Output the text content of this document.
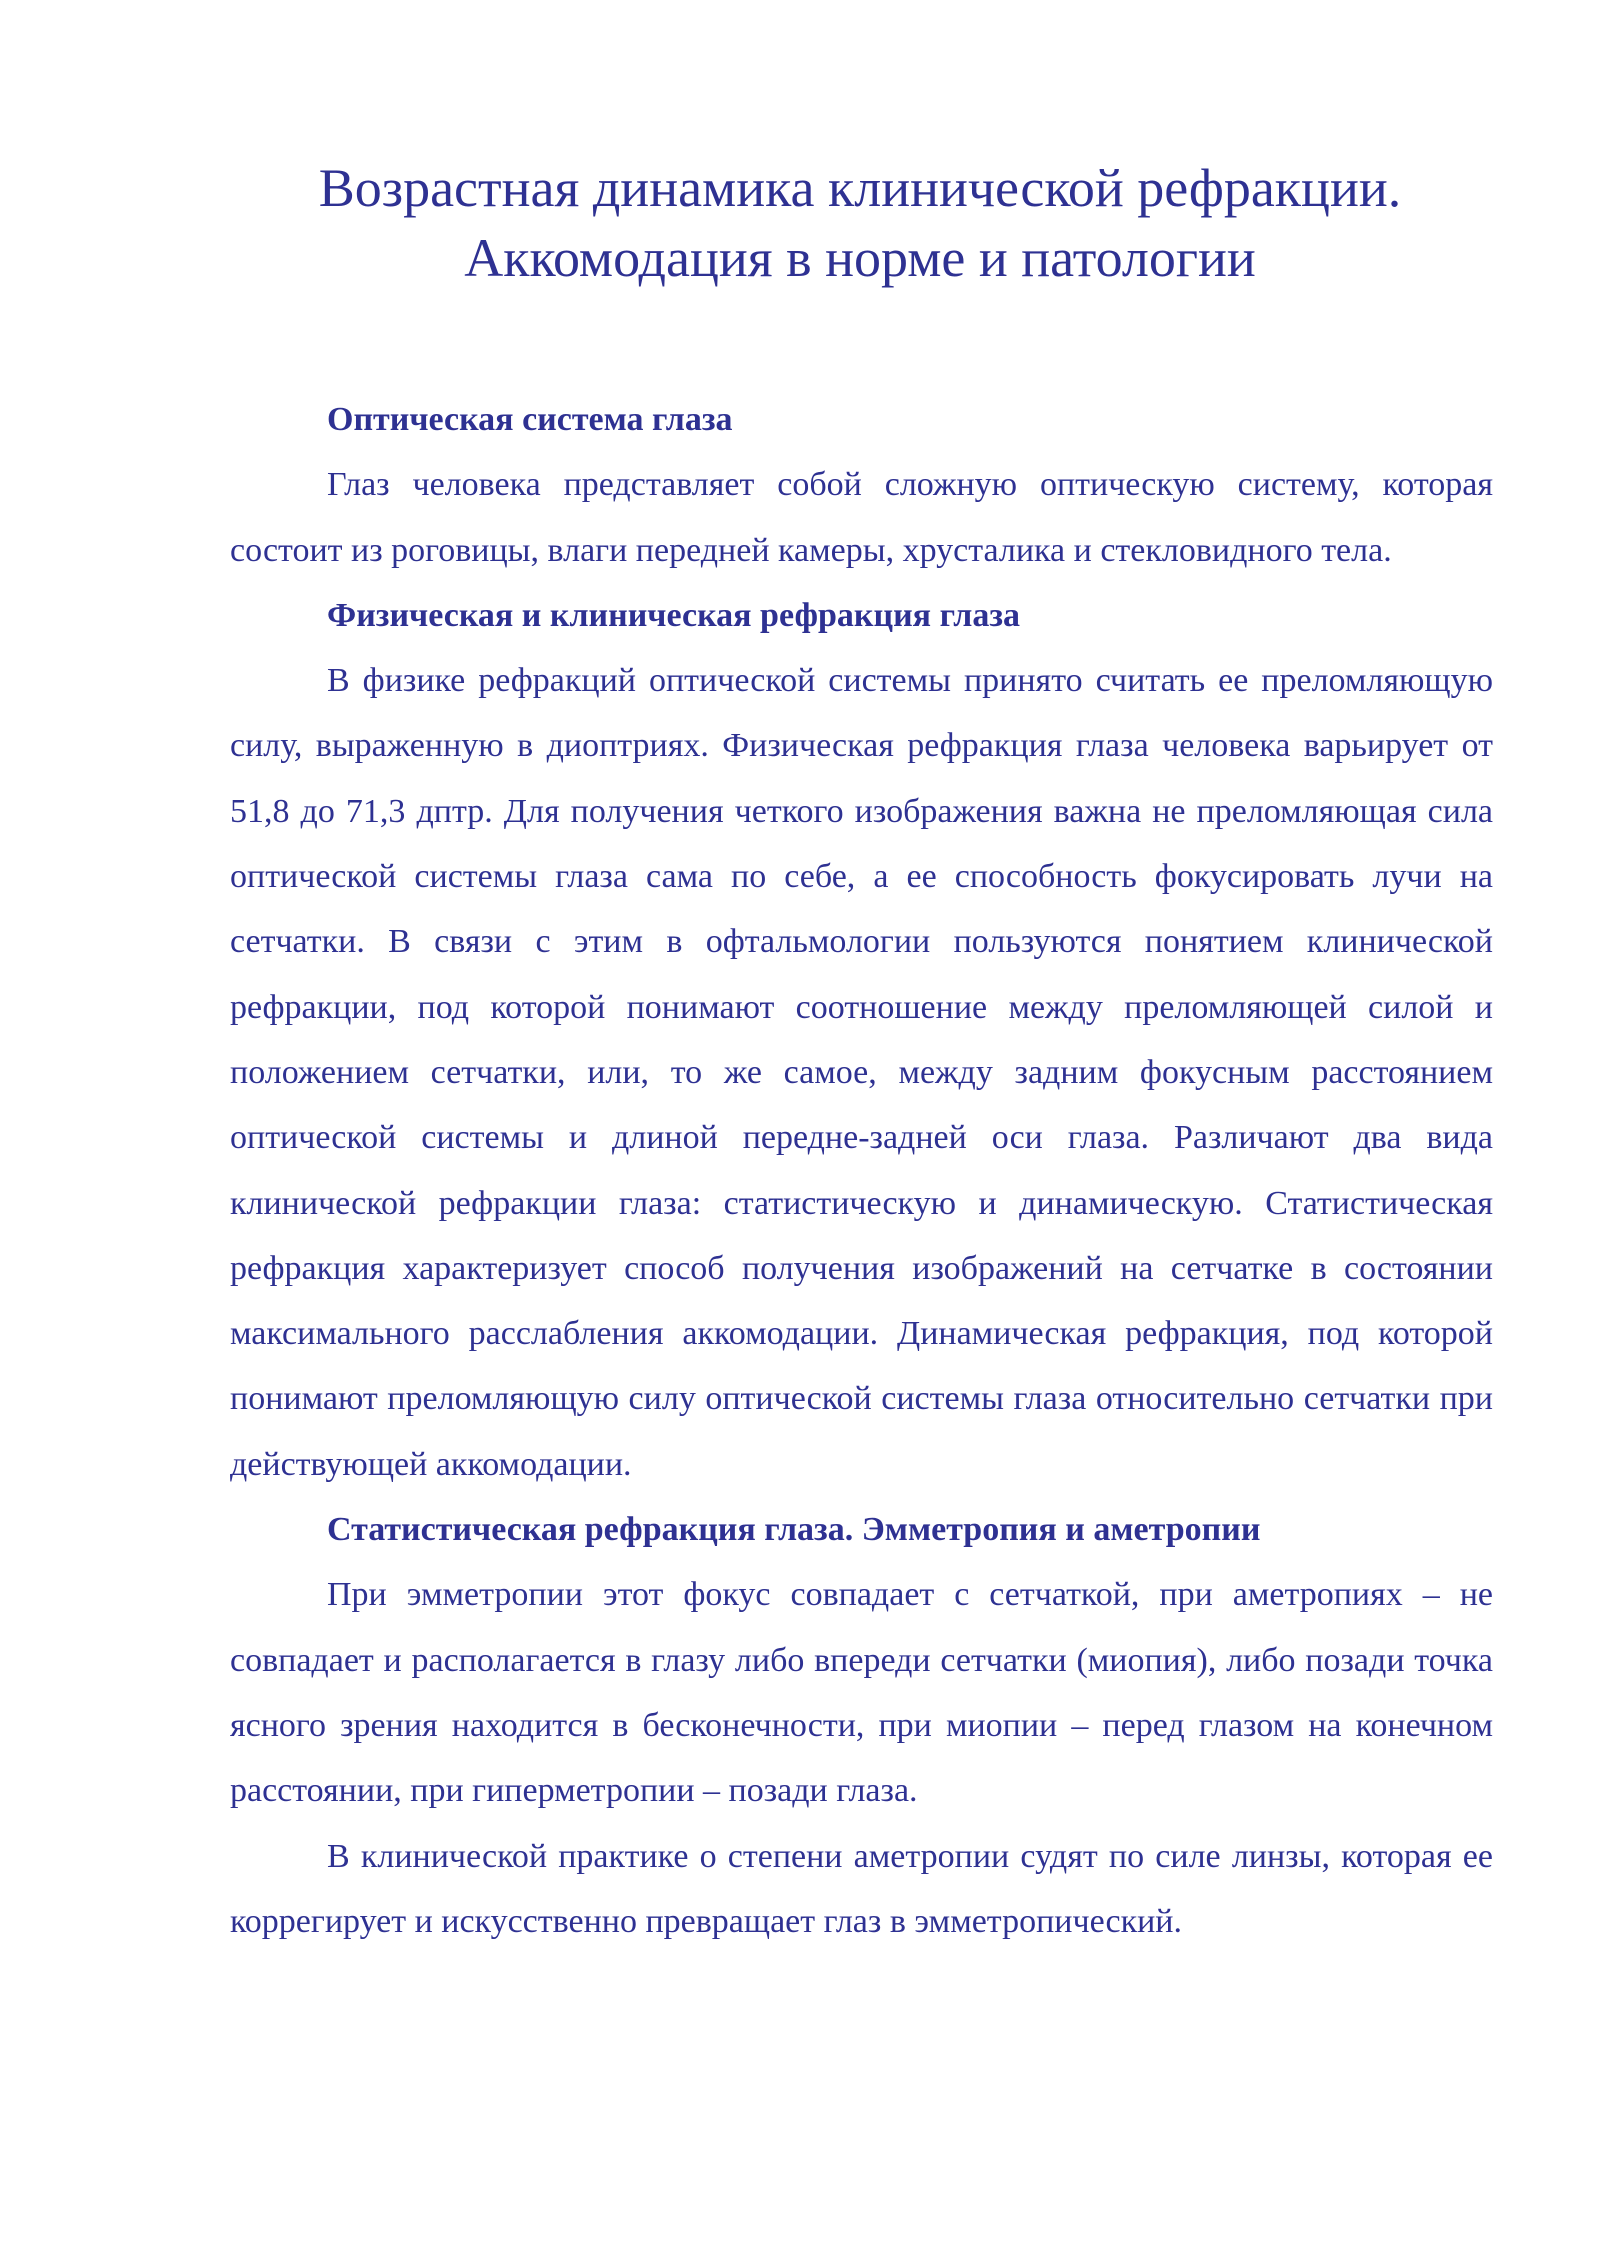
Возрастная динамика клинической рефракции.
Аккомодация в норме и патологии
Оптическая система глаза

Глаз человека представляет собой сложную оптическую систему, которая состоит из роговицы, влаги передней камеры, хрусталика и стекловидного тела.

Физическая и клиническая рефракция глаза

В физике рефракций оптической системы принято считать ее преломляющую силу, выраженную в диоптриях. Физическая рефракция глаза человека варьирует от 51,8 до 71,3 дптр. Для получения четкого изображения важна не преломляющая сила оптической системы глаза сама по себе, а ее способность фокусировать лучи на сетчатки. В связи с этим в офтальмологии пользуются понятием клинической рефракции, под которой понимают соотношение между преломляющей силой и положением сетчатки, или, то же самое, между задним фокусным расстоянием оптической системы и длиной передне-задней оси глаза. Различают два вида клинической рефракции глаза: статистическую и динамическую. Статистическая рефракция характеризует способ получения изображений на сетчатке в состоянии максимального расслабления аккомодации. Динамическая рефракция, под которой понимают преломляющую силу оптической системы глаза относительно сетчатки при действующей аккомодации.

Статистическая рефракция глаза. Эмметропия и аметропии

При эмметропии этот фокус совпадает с сетчаткой, при аметропиях – не совпадает и располагается в глазу либо впереди сетчатки (миопия), либо позади точка ясного зрения находится в бесконечности, при миопии – перед глазом на конечном расстоянии, при гиперметропии – позади глаза.

В клинической практике о степени аметропии судят по силе линзы, которая ее коррегирует и искусственно превращает глаз в эмметропический.
